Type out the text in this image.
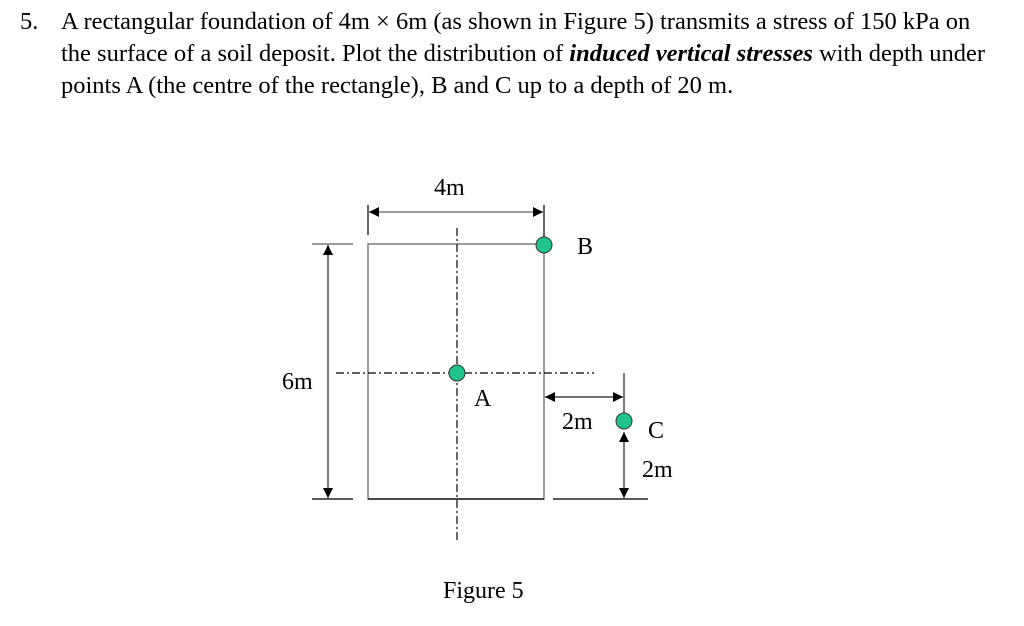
5. A rectangular foundation of 4m × 6m (as shown in Figure 5) transmits a stress of 150 kPa on the surface of a soil deposit. Plot the distribution of induced vertical stresses with depth under points A (the centre of the rectangle), B and C up to a depth of 20 m.
4m
6m
B
A
2m C
2m
Figure 5
